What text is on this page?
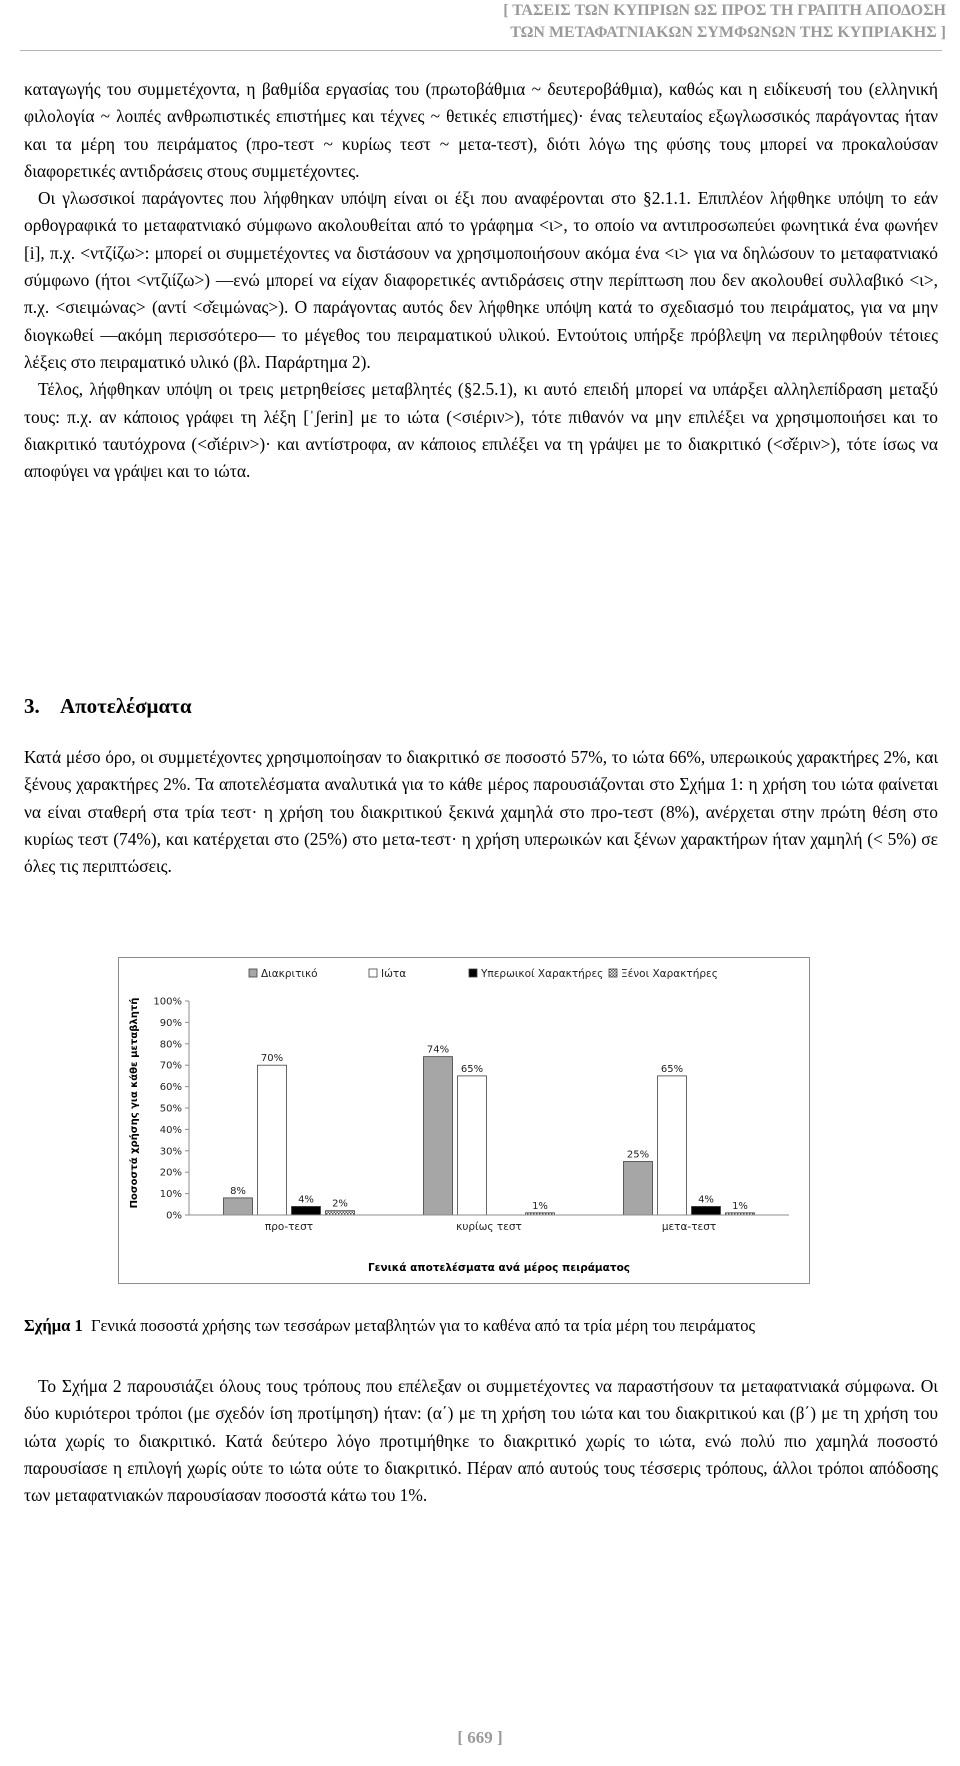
[ ΤΑΣΕΙΣ ΤΩΝ ΚΥΠΡΙΩΝ ΩΣ ΠΡΟΣ ΤΗ ΓΡΑΠΤΗ ΑΠΟΔΟΣΗ
ΤΩΝ ΜΕΤΑΦΑΤΝΙΑΚΩΝ ΣΥΜΦΩΝΩΝ ΤΗΣ ΚΥΠΡΙΑΚΗΣ ]

καταγωγής του συμμετέχοντα, η βαθμίδα εργασίας του (πρωτοβάθμια ~ δευτεροβάθμια), καθώς και η ειδίκευσή του (ελληνική φιλολογία ~ λοιπές ανθρωπιστικές επιστήμες και τέχνες ~ θετικές επιστήμες)· ένας τελευταίος εξωγλωσσικός παράγοντας ήταν και τα μέρη του πειράματος (προ-τεστ ~ κυρίως τεστ ~ μετα-τεστ), διότι λόγω της φύσης τους μπορεί να προκαλούσαν διαφορετικές αντιδράσεις στους συμμετέχοντες.

Οι γλωσσικοί παράγοντες που λήφθηκαν υπόψη είναι οι έξι που αναφέρονται στο §2.1.1. Επιπλέον λήφθηκε υπόψη το εάν ορθογραφικά το μεταφατνιακό σύμφωνο ακολουθείται από το γράφημα <ι>, το οποίο να αντιπροσωπεύει φωνητικά ένα φωνήεν [i], π.χ. <ντζίζω>: μπορεί οι συμμετέχοντες να διστάσουν να χρησιμοποιήσουν ακόμα ένα <ι> για να δηλώσουν το μεταφατνιακό σύμφωνο (ήτοι <ντζιίζω>) —ενώ μπορεί να είχαν διαφορετικές αντιδράσεις στην περίπτωση που δεν ακολουθεί συλλαβικό <ι>, π.χ. <σιειμώνας> (αντί <σ̌ειμώνας>). Ο παράγοντας αυτός δεν λήφθηκε υπόψη κατά το σχεδιασμό του πειράματος, για να μην διογκωθεί —ακόμη περισσότερο— το μέγεθος του πειραματικού υλικού. Εντούτοις υπήρξε πρόβλεψη να περιληφθούν τέτοιες λέξεις στο πειραματικό υλικό (βλ. Παράρτημα 2).

Τέλος, λήφθηκαν υπόψη οι τρεις μετρηθείσες μεταβλητές (§2.5.1), κι αυτό επειδή μπορεί να υπάρξει αλληλεπίδραση μεταξύ τους: π.χ. αν κάποιος γράφει τη λέξη [ˈʃerin] με το ιώτα (<σιέριν>), τότε πιθανόν να μην επιλέξει να χρησιμοποιήσει και το διακριτικό ταυτόχρονα (<σ̌ιέριν>)· και αντίστροφα, αν κάποιος επιλέξει να τη γράψει με το διακριτικό (<σ̌έριν>), τότε ίσως να αποφύγει να γράψει και το ιώτα.

3. Αποτελέσματα

Κατά μέσο όρο, οι συμμετέχοντες χρησιμοποίησαν το διακριτικό σε ποσοστό 57%, το ιώτα 66%, υπερωικούς χαρακτήρες 2%, και ξένους χαρακτήρες 2%. Τα αποτελέσματα αναλυτικά για το κάθε μέρος παρουσιάζονται στο Σχήμα 1: η χρήση του ιώτα φαίνεται να είναι σταθερή στα τρία τεστ· η χρήση του διακριτικού ξεκινά χαμηλά στο προ-τεστ (8%), ανέρχεται στην πρώτη θέση στο κυρίως τεστ (74%), και κατέρχεται στο (25%) στο μετα-τεστ· η χρήση υπερωικών και ξένων χαρακτήρων ήταν χαμηλή (< 5%) σε όλες τις περιπτώσεις.

Διακριτικό	Ιώτα	Υπερωικοί Χαρακτήρες Ξένοι Χαρακτήρες
0%
10%
20%
30%
40%
50%
60%
70%
80%
90%
100%
8%
70%
4% 2%
74%
65%
1%
25%
65%
4%
1%
προ-τεστ	κυρίως τεστ	μετα-τεστ
Ποσοστά χρήσης για κάθε μεταβλητή
Γενικά αποτελέσματα ανά μέρος πειράματος
Σχήμα 1 Γενικά ποσοστά χρήσης των τεσσάρων μεταβλητών για το καθένα από τα τρία μέρη του πειράματος

Το Σχήμα 2 παρουσιάζει όλους τους τρόπους που επέλεξαν οι συμμετέχοντες να παραστήσουν τα μεταφατνιακά σύμφωνα. Οι δύο κυριότεροι τρόποι (με σχεδόν ίση προτίμηση) ήταν: (α΄) με τη χρήση του ιώτα και του διακριτικού και (β΄) με τη χρήση του ιώτα χωρίς το διακριτικό. Κατά δεύτερο λόγο προτιμήθηκε το διακριτικό χωρίς το ιώτα, ενώ πολύ πιο χαμηλά ποσοστό παρουσίασε η επιλογή χωρίς ούτε το ιώτα ούτε το διακριτικό. Πέραν από αυτούς τους τέσσερις τρόπους, άλλοι τρόποι απόδοσης των μεταφατνιακών παρουσίασαν ποσοστά κάτω του 1%.

[ 669 ]
